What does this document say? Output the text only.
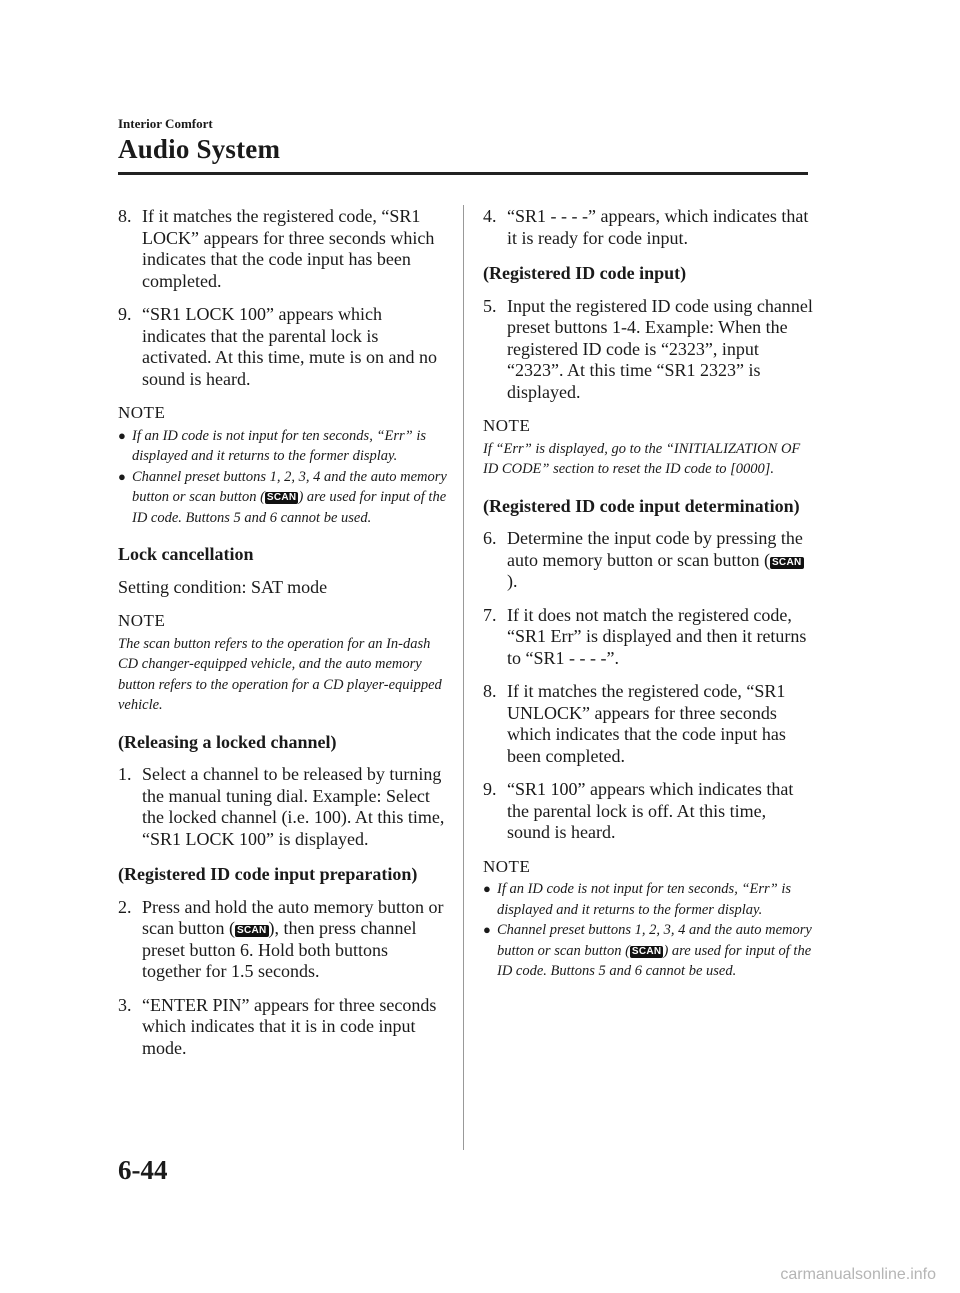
Interior Comfort
Audio System
8. If it matches the registered code, “SR1 LOCK” appears for three seconds which indicates that the code input has been completed.
9. “SR1 LOCK 100” appears which indicates that the parental lock is activated. At this time, mute is on and no sound is heard.
NOTE
● If an ID code is not input for ten seconds, “Err” is displayed and it returns to the former display.
● Channel preset buttons 1, 2, 3, 4 and the auto memory button or scan button ( SCAN ) are used for input of the ID code. Buttons 5 and 6 cannot be used.
Lock cancellation
Setting condition: SAT mode
NOTE
The scan button refers to the operation for an In-dash CD changer-equipped vehicle, and the auto memory button refers to the operation for a CD player-equipped vehicle.
(Releasing a locked channel)
1. Select a channel to be released by turning the manual tuning dial. Example: Select the locked channel (i.e. 100). At this time, “SR1 LOCK 100” is displayed.
(Registered ID code input preparation)
2. Press and hold the auto memory button or scan button ( SCAN ), then press channel preset button 6. Hold both buttons together for 1.5 seconds.
3. “ENTER PIN” appears for three seconds which indicates that it is in code input mode.
4. “SR1 - - - -” appears, which indicates that it is ready for code input.
(Registered ID code input)
5. Input the registered ID code using channel preset buttons 1-4. Example: When the registered ID code is “2323”, input “2323”. At this time “SR1 2323” is displayed.
NOTE
If “Err” is displayed, go to the “INITIALIZATION OF ID CODE” section to reset the ID code to [0000].
(Registered ID code input determination)
6. Determine the input code by pressing the auto memory button or scan button ( SCAN).
7. If it does not match the registered code, “SR1 Err” is displayed and then it returns to “SR1 - - - -”.
8. If it matches the registered code, “SR1 UNLOCK” appears for three seconds which indicates that the code input has been completed.
9. “SR1 100” appears which indicates that the parental lock is off. At this time, sound is heard.
NOTE
● If an ID code is not input for ten seconds, “Err” is displayed and it returns to the former display.
● Channel preset buttons 1, 2, 3, 4 and the auto memory button or scan button ( SCAN ) are used for input of the ID code. Buttons 5 and 6 cannot be used.
6-44
carmanualsonline.info
